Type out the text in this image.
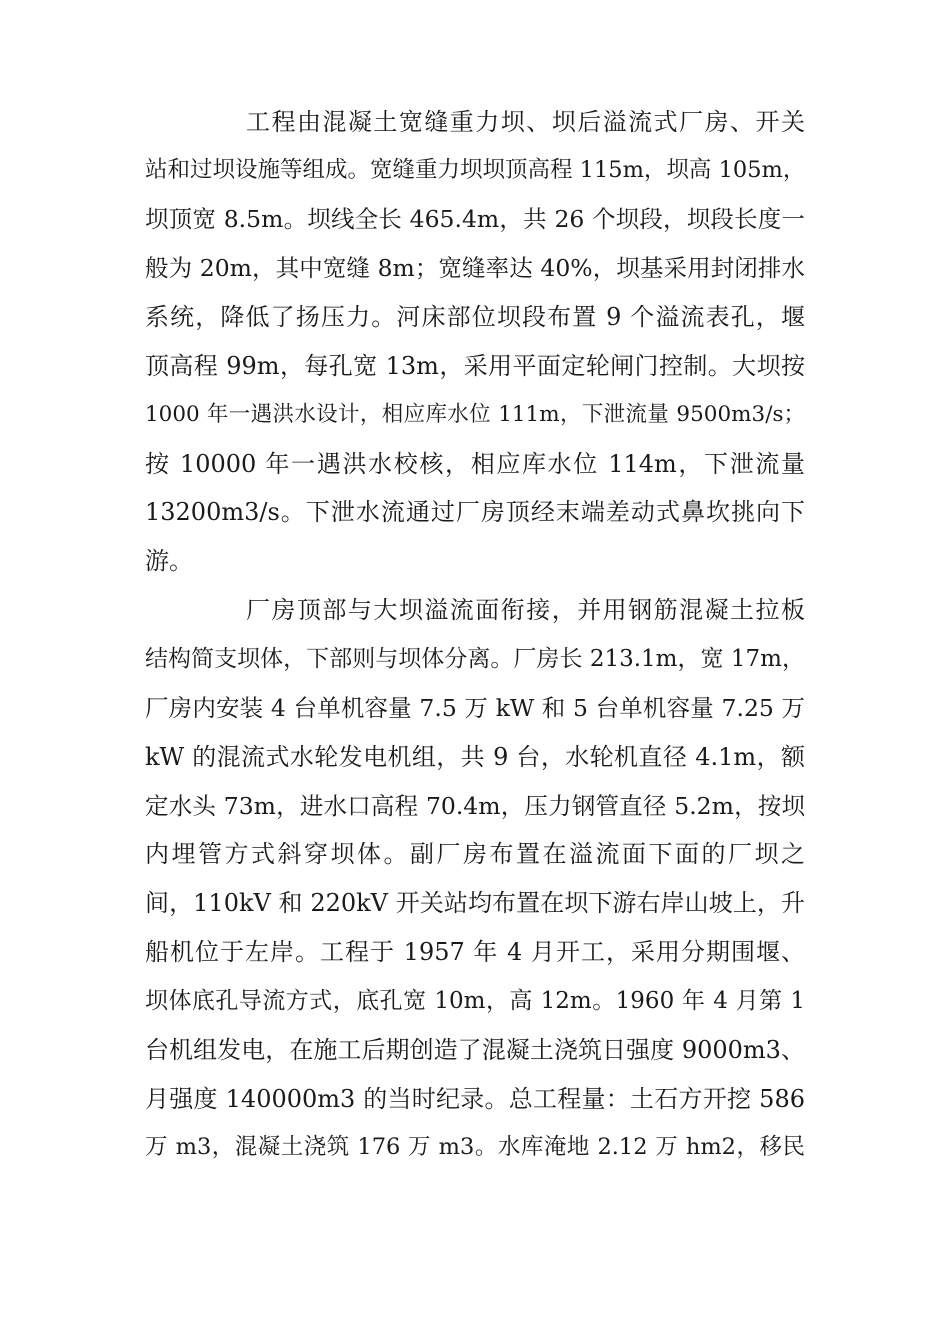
工程由混凝土宽缝重力坝、坝后溢流式厂房、开关
站和过坝设施等组成。宽缝重力坝坝顶高程 115m，坝高 105m，
坝顶宽 8.5m。坝线全长 465.4m，共 26 个坝段，坝段长度一
般为 20m，其中宽缝 8m；宽缝率达 40%，坝基采用封闭排水
系统，降低了扬压力。河床部位坝段布置 9 个溢流表孔，堰
顶高程 99m，每孔宽 13m，采用平面定轮闸门控制。大坝按
1000 年一遇洪水设计，相应库水位 111m，下泄流量 9500m3/s；
按 10000 年一遇洪水校核，相应库水位 114m，下泄流量
13200m3/s。下泄水流通过厂房顶经末端差动式鼻坎挑向下
游。
厂房顶部与大坝溢流面衔接，并用钢筋混凝土拉板
结构简支坝体，下部则与坝体分离。厂房长 213.1m，宽 17m，
厂房内安装 4 台单机容量 7.5 万 kW 和 5 台单机容量 7.25 万
kW 的混流式水轮发电机组，共 9 台，水轮机直径 4.1m，额
定水头 73m，进水口高程 70.4m，压力钢管直径 5.2m，按坝
内埋管方式斜穿坝体。副厂房布置在溢流面下面的厂坝之
间，110kV 和 220kV 开关站均布置在坝下游右岸山坡上，升
船机位于左岸。工程于 1957 年 4 月开工，采用分期围堰、
坝体底孔导流方式，底孔宽 10m，高 12m。1960 年 4 月第 1
台机组发电，在施工后期创造了混凝土浇筑日强度 9000m3、
月强度 140000m3 的当时纪录。总工程量：土石方开挖 586
万 m3，混凝土浇筑 176 万 m3。水库淹地 2.12 万 hm2，移民
